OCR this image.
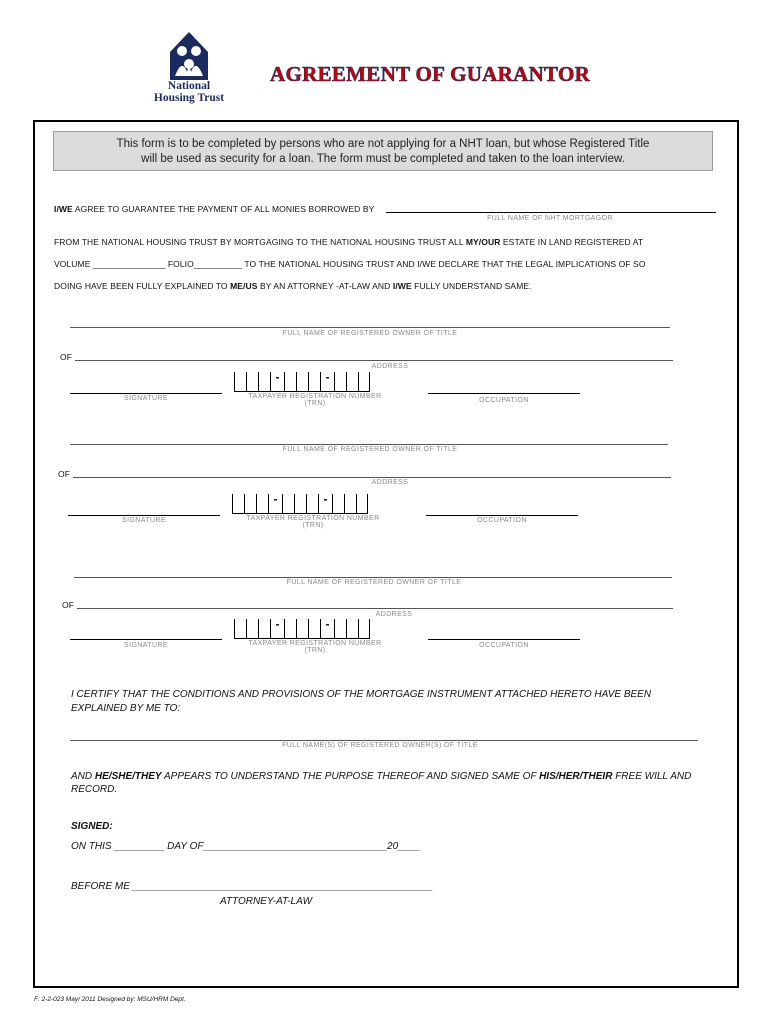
National
Housing Trust
AGREEMENT OF GUARANTOR
This form is to be completed by persons who are not applying for a NHT loan, but whose Registered Title
will be used as security for a loan. The form must be completed and taken to the loan interview.
I/WE AGREE TO GUARANTEE THE PAYMENT OF ALL MONIES BORROWED BY
FULL NAME OF NHT MORTGAGOR
FROM THE NATIONAL HOUSING TRUST BY MORTGAGING TO THE NATIONAL HOUSING TRUST ALL MY/OUR ESTATE IN LAND REGISTERED AT
VOLUME _______________ FOLIO__________ TO THE NATIONAL HOUSING TRUST AND I/WE DECLARE THAT THE LEGAL IMPLICATIONS OF SO
DOING HAVE BEEN FULLY EXPLAINED TO ME/US BY AN ATTORNEY -AT-LAW AND I/WE FULLY UNDERSTAND SAME.
FULL NAME OF REGISTERED OWNER OF TITLE
OF
ADDRESS
SIGNATURE
-	-
TAXPAYER REGISTRATION NUMBER
(TRN)	OCCUPATION
FULL NAME OF REGISTERED OWNER OF TITLE
OF
ADDRESS
SIGNATURE
-	-
TAXPAYER REGISTRATION NUMBER
(TRN)
OCCUPATION
FULL NAME OF REGISTERED OWNER OF TITLE
OF
ADDRESS
SIGNATURE
-	-
TAXPAYER REGISTRATION NUMBER
(TRN)
OCCUPATION
I CERTIFY THAT THE CONDITIONS AND PROVISIONS OF THE MORTGAGE INSTRUMENT ATTACHED HERETO HAVE BEEN
EXPLAINED BY ME TO:
FULL NAME(S) OF REGISTERED OWNER(S) OF TITLE
AND HE/SHE/THEY APPEARS TO UNDERSTAND THE PURPOSE THEREOF AND SIGNED SAME OF HIS/HER/THEIR FREE WILL AND
RECORD.
SIGNED:
ON THIS _________ DAY OF_________________________________20____
BEFORE ME ______________________________________________________
ATTORNEY-AT-LAW
F: 2-2-023 May/ 2011 Designed by: MSU/HRM Dept.
